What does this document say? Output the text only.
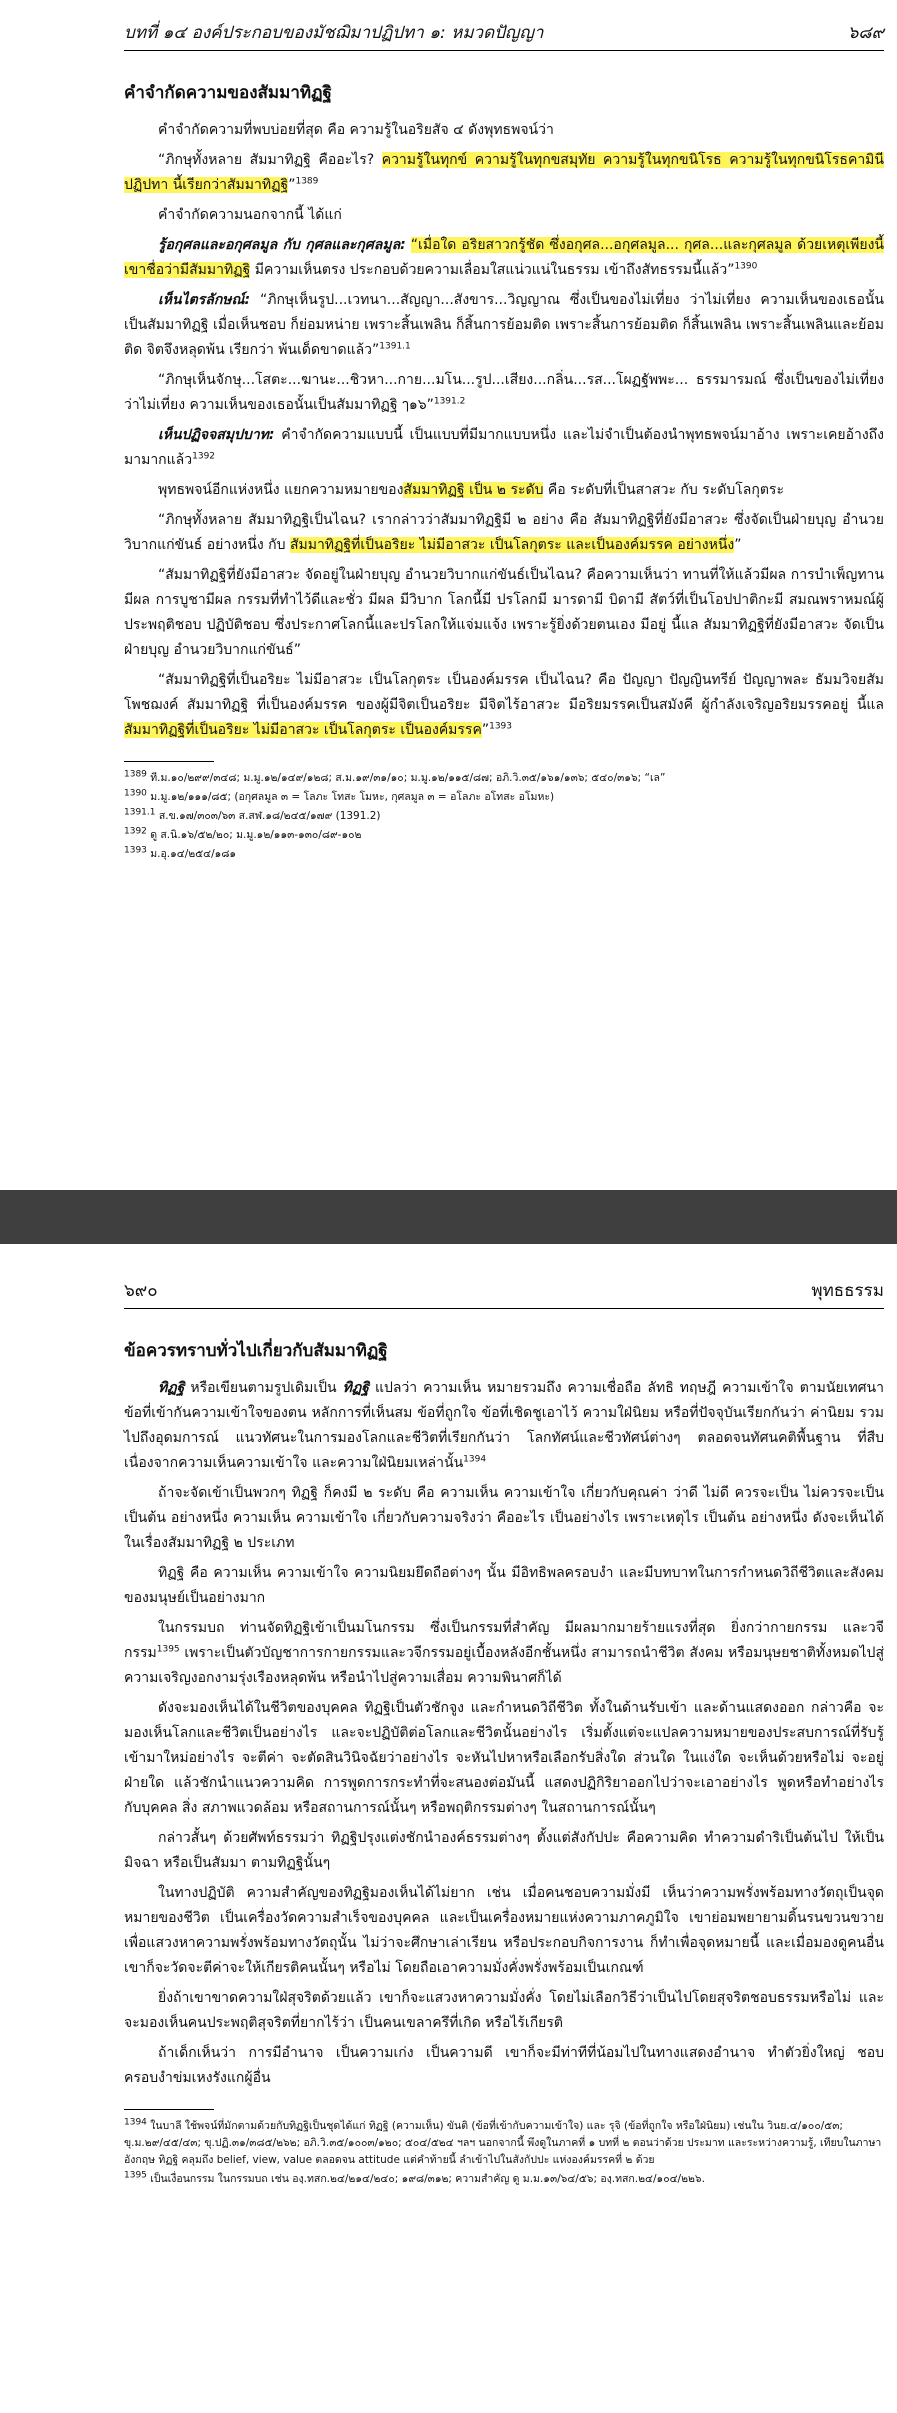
บทที่ ๑๔ องค์ประกอบของมัชฌิมาปฏิปทา ๑: หมวดปัญญา	๖๘๙
คำจำกัดความของสัมมาทิฏฐิ

คำจำกัดความที่พบบ่อยที่สุด คือ ความรู้ในอริยสัจ ๔ ดังพุทธพจน์ว่า

“ภิกษุทั้งหลาย สัมมาทิฏฐิ คืออะไร? ความรู้ในทุกข์ ความรู้ในทุกขสมุทัย ความรู้ในทุกขนิโรธ ความรู้ในทุกขนิโรธคามินีปฏิปทา นี้เรียกว่าสัมมาทิฏฐิ”$^{1389}$

คำจำกัดความนอกจากนี้ ได้แก่

รู้อกุศลและอกุศลมูล กับ กุศลและกุศลมูล: “เมื่อใด อริยสาวกรู้ชัด ซึ่งอกุศล...อกุศลมูล... กุศล...และกุศลมูล ด้วยเหตุเพียงนี้ เขาชื่อว่ามีสัมมาทิฏฐิ มีความเห็นตรง ประกอบด้วยความเลื่อมใสแน่วแน่ในธรรม เข้าถึงสัทธรรมนี้แล้ว”$^{1390}$

เห็นไตรลักษณ์: “ภิกษุเห็นรูป...เวทนา...สัญญา...สังขาร...วิญญาณ ซึ่งเป็นของไม่เที่ยง ว่าไม่เที่ยง ความเห็นของเธอนั้นเป็นสัมมาทิฏฐิ เมื่อเห็นชอบ ก็ย่อมหน่าย เพราะสิ้นเพลิน ก็สิ้นการย้อมติด เพราะสิ้นการย้อมติด ก็สิ้นเพลิน เพราะสิ้นเพลินและย้อมติด จิตจึงหลุดพ้น เรียกว่า พ้นเด็ดขาดแล้ว”$^{1391.1}$

“ภิกษุเห็นจักษุ...โสตะ...ฆานะ...ชิวหา...กาย...มโน...รูป...เสียง...กลิ่น...รส...โผฏฐัพพะ... ธรรมารมณ์ ซึ่งเป็นของไม่เที่ยง ว่าไม่เที่ยง ความเห็นของเธอนั้นเป็นสัมมาทิฏฐิ ๅ๑๖”$^{1391.2}$

เห็นปฏิจจสมุปบาท: คำจำกัดความแบบนี้ เป็นแบบที่มีมากแบบหนึ่ง และไม่จำเป็นต้องนำพุทธพจน์มาอ้าง เพราะเคยอ้างถึงมามากแล้ว$^{1392}$

พุทธพจน์อีกแห่งหนึ่ง แยกความหมายของสัมมาทิฏฐิ เป็น ๒ ระดับ คือ ระดับที่เป็นสาสวะ กับ ระดับโลกุตระ

“ภิกษุทั้งหลาย สัมมาทิฏฐิเป็นไฉน? เรากล่าวว่าสัมมาทิฏฐิมี ๒ อย่าง คือ สัมมาทิฏฐิที่ยังมีอาสวะ ซึ่งจัดเป็นฝ่ายบุญ อำนวยวิบากแก่ขันธ์ อย่างหนึ่ง กับ สัมมาทิฏฐิที่เป็นอริยะ ไม่มีอาสวะ เป็นโลกุตระ และเป็นองค์มรรค อย่างหนึ่ง”

“สัมมาทิฏฐิที่ยังมีอาสวะ จัดอยู่ในฝ่ายบุญ อำนวยวิบากแก่ขันธ์เป็นไฉน? คือความเห็นว่า ทานที่ให้แล้วมีผล การบำเพ็ญทานมีผล การบูชามีผล กรรมที่ทำไว้ดีและชั่ว มีผล มีวิบาก โลกนี้มี ปรโลกมี มารดามี บิดามี สัตว์ที่เป็นโอปปาติกะมี สมณพราหมณ์ผู้ประพฤติชอบ ปฏิบัติชอบ ซึ่งประกาศโลกนี้และปรโลกให้แจ่มแจ้ง เพราะรู้ยิ่งด้วยตนเอง มีอยู่ นี้แล สัมมาทิฏฐิที่ยังมีอาสวะ จัดเป็นฝ่ายบุญ อำนวยวิบากแก่ขันธ์”

“สัมมาทิฏฐิที่เป็นอริยะ ไม่มีอาสวะ เป็นโลกุตระ เป็นองค์มรรค เป็นไฉน? คือ ปัญญา ปัญญินทรีย์ ปัญญาพละ ธัมมวิจยสัมโพชฌงค์ สัมมาทิฏฐิ ที่เป็นองค์มรรค ของผู้มีจิตเป็นอริยะ มีจิตไร้อาสวะ มีอริยมรรคเป็นสมังคี ผู้กำลังเจริญอริยมรรคอยู่ นี้แล สัมมาทิฏฐิที่เป็นอริยะ ไม่มีอาสวะ เป็นโลกุตระ เป็นองค์มรรค”$^{1393}$

$^{1389}$ ที.ม.๑๐/๒๙๙/๓๔๘; ม.มู.๑๒/๑๔๙/๑๒๘; ส.ม.๑๙/๓๑/๑๐; ม.มู.๑๒/๑๑๕/๘๗; อภิ.วิ.๓๕/๑๖๑/๑๓๖; ๕๔๐/๓๑๖; “เล”

$^{1390}$ ม.มู.๑๒/๑๑๑/๘๕; (อกุศลมูล ๓ = โลภะ โทสะ โมหะ, กุศลมูล ๓ = อโลภะ อโทสะ อโมหะ)

$^{1391.1}$ ส.ข.๑๗/๓๐๓/๖๓ ส.สฬ.๑๘/๒๔๕/๑๗๙ (1391.2)

$^{1392}$ ดู ส.นิ.๑๖/๕๒/๒๐; ม.มู.๑๒/๑๑๓-๑๓๐/๘๙-๑๐๒

$^{1393}$ ม.อุ.๑๔/๒๕๔/๑๘๑

๖๙๐	พุทธธรรม
ข้อควรทราบทั่วไปเกี่ยวกับสัมมาทิฏฐิ

ทิฏฐิ หรือเขียนตามรูปเดิมเป็น ทิฏฐิ แปลว่า ความเห็น หมายรวมถึง ความเชื่อถือ ลัทธิ ทฤษฎี ความเข้าใจ ตามนัยเทศนา ข้อที่เข้ากันความเข้าใจของตน หลักการที่เห็นสม ข้อที่ถูกใจ ข้อที่เชิดชูเอาไว้ ความใฝ่นิยม หรือที่ปัจจุบันเรียกกันว่า ค่านิยม รวมไปถึงอุดมการณ์ แนวทัศนะในการมองโลกและชีวิตที่เรียกกันว่า โลกทัศน์และชีวทัศน์ต่างๆ ตลอดจนทัศนคติพื้นฐาน ที่สืบเนื่องจากความเห็นความเข้าใจ และความใฝ่นิยมเหล่านั้น$^{1394}$

ถ้าจะจัดเข้าเป็นพวกๆ ทิฏฐิ ก็คงมี ๒ ระดับ คือ ความเห็น ความเข้าใจ เกี่ยวกับคุณค่า ว่าดี ไม่ดี ควรจะเป็น ไม่ควรจะเป็น เป็นต้น อย่างหนึ่ง ความเห็น ความเข้าใจ เกี่ยวกับความจริงว่า คืออะไร เป็นอย่างไร เพราะเหตุไร เป็นต้น อย่างหนึ่ง ดังจะเห็นได้ในเรื่องสัมมาทิฏฐิ ๒ ประเภท

ทิฏฐิ คือ ความเห็น ความเข้าใจ ความนิยมยึดถือต่างๆ นั้น มีอิทธิพลครอบงำ และมีบทบาทในการกำหนดวิถีชีวิตและสังคมของมนุษย์เป็นอย่างมาก

ในกรรมบถ ท่านจัดทิฏฐิเข้าเป็นมโนกรรม ซึ่งเป็นกรรมที่สำคัญ มีผลมากมายร้ายแรงที่สุด ยิ่งกว่ากายกรรม และวจีกรรม$^{1395}$ เพราะเป็นตัวบัญชาการกายกรรมและวจีกรรมอยู่เบื้องหลังอีกชั้นหนึ่ง สามารถนำชีวิต สังคม หรือมนุษยชาติทั้งหมดไปสู่ความเจริญงอกงามรุ่งเรืองหลุดพ้น หรือนำไปสู่ความเสื่อม ความพินาศก็ได้

ดังจะมองเห็นได้ในชีวิตของบุคคล ทิฏฐิเป็นตัวชักจูง และกำหนดวิถีชีวิต ทั้งในด้านรับเข้า และด้านแสดงออก กล่าวคือ จะมองเห็นโลกและชีวิตเป็นอย่างไร และจะปฏิบัติต่อโลกและชีวิตนั้นอย่างไร เริ่มตั้งแต่จะแปลความหมายของประสบการณ์ที่รับรู้เข้ามาใหม่อย่างไร จะตีค่า จะตัดสินวินิจฉัยว่าอย่างไร จะหันไปหาหรือเลือกรับสิ่งใด ส่วนใด ในแง่ใด จะเห็นด้วยหรือไม่ จะอยู่ฝ่ายใด แล้วชักนำแนวความคิด การพูดการกระทำที่จะสนองต่อมันนี้ แสดงปฏิกิริยาออกไปว่าจะเอาอย่างไร พูดหรือทำอย่างไร กับบุคคล สิ่ง สภาพแวดล้อม หรือสถานการณ์นั้นๆ หรือพฤติกรรมต่างๆ ในสถานการณ์นั้นๆ

กล่าวสั้นๆ ด้วยศัพท์ธรรมว่า ทิฏฐิปรุงแต่งชักนำองค์ธรรมต่างๆ ตั้งแต่สังกัปปะ คือความคิด ทำความดำริเป็นต้นไป ให้เป็นมิจฉา หรือเป็นสัมมา ตามทิฏฐินั้นๆ

ในทางปฏิบัติ ความสำคัญของทิฏฐิมองเห็นได้ไม่ยาก เช่น เมื่อคนชอบความมั่งมี เห็นว่าความพรั่งพร้อมทางวัตถุเป็นจุดหมายของชีวิต เป็นเครื่องวัดความสำเร็จของบุคคล และเป็นเครื่องหมายแห่งความภาคภูมิใจ เขาย่อมพยายามดิ้นรนขวนขวายเพื่อแสวงหาความพรั่งพร้อมทางวัตถุนั้น ไม่ว่าจะศึกษาเล่าเรียน หรือประกอบกิจการงาน ก็ทำเพื่อจุดหมายนี้ และเมื่อมองดูคนอื่น เขาก็จะวัดจะตีค่าจะให้เกียรติคนนั้นๆ หรือไม่ โดยถือเอาความมั่งคั่งพรั่งพร้อมเป็นเกณฑ์

ยิ่งถ้าเขาขาดความใฝ่สุจริตด้วยแล้ว เขาก็จะแสวงหาความมั่งคั่ง โดยไม่เลือกวิธีว่าเป็นไปโดยสุจริตชอบธรรมหรือไม่ และจะมองเห็นคนประพฤติสุจริตที่ยากไร้ว่า เป็นคนเขลาครึที่เกิด หรือไร้เกียรติ

ถ้าเด็กเห็นว่า การมีอำนาจ เป็นความเก่ง เป็นความดี เขาก็จะมีท่าทีที่น้อมไปในทางแสดงอำนาจ ทำตัวยิ่งใหญ่ ชอบครอบงำข่มเหงรังแกผู้อื่น

$^{1394}$ ในบาลี ใช้พจน์ที่มักตามด้วยกับทิฏฐิเป็นชุดได้แก่ ทิฏฐิ (ความเห็น) ขันติ (ข้อที่เข้ากับความเข้าใจ) และ รุจิ (ข้อที่ถูกใจ หรือใฝ่นิยม) เช่นใน วินย.๔/๑๐๐/๕๓; ขุ.ม.๒๙/๔๕/๔๓; ขุ.ปฏิ.๓๑/๓๘๕/๒๖๒; อภิ.วิ.๓๕/๑๐๐๓/๑๒๐; ๕๐๔/๕๒๔ ฯลฯ นอกจากนี้ พึงดูในภาคที่ ๑ บทที่ ๒ ตอนว่าด้วย ประมาท และระหว่างความรู้, เทียบในภาษาอังกฤษ ทิฏฐิ คลุมถึง belief, view, value ตลอดจน attitude แต่คำท้ายนี้ ลำเข้าไปในสังกัปปะ แห่งองค์มรรคที่ ๒ ด้วย

$^{1395}$ เป็นเงื่อนกรรม ในกรรมบถ เช่น องฺ.ทสก.๒๔/๒๑๔/๒๔๐; ๑๙๘/๓๑๒; ความสำคัญ ดู ม.ม.๑๓/๖๔/๕๖; องฺ.ทสก.๒๔/๑๐๔/๒๒๖.
